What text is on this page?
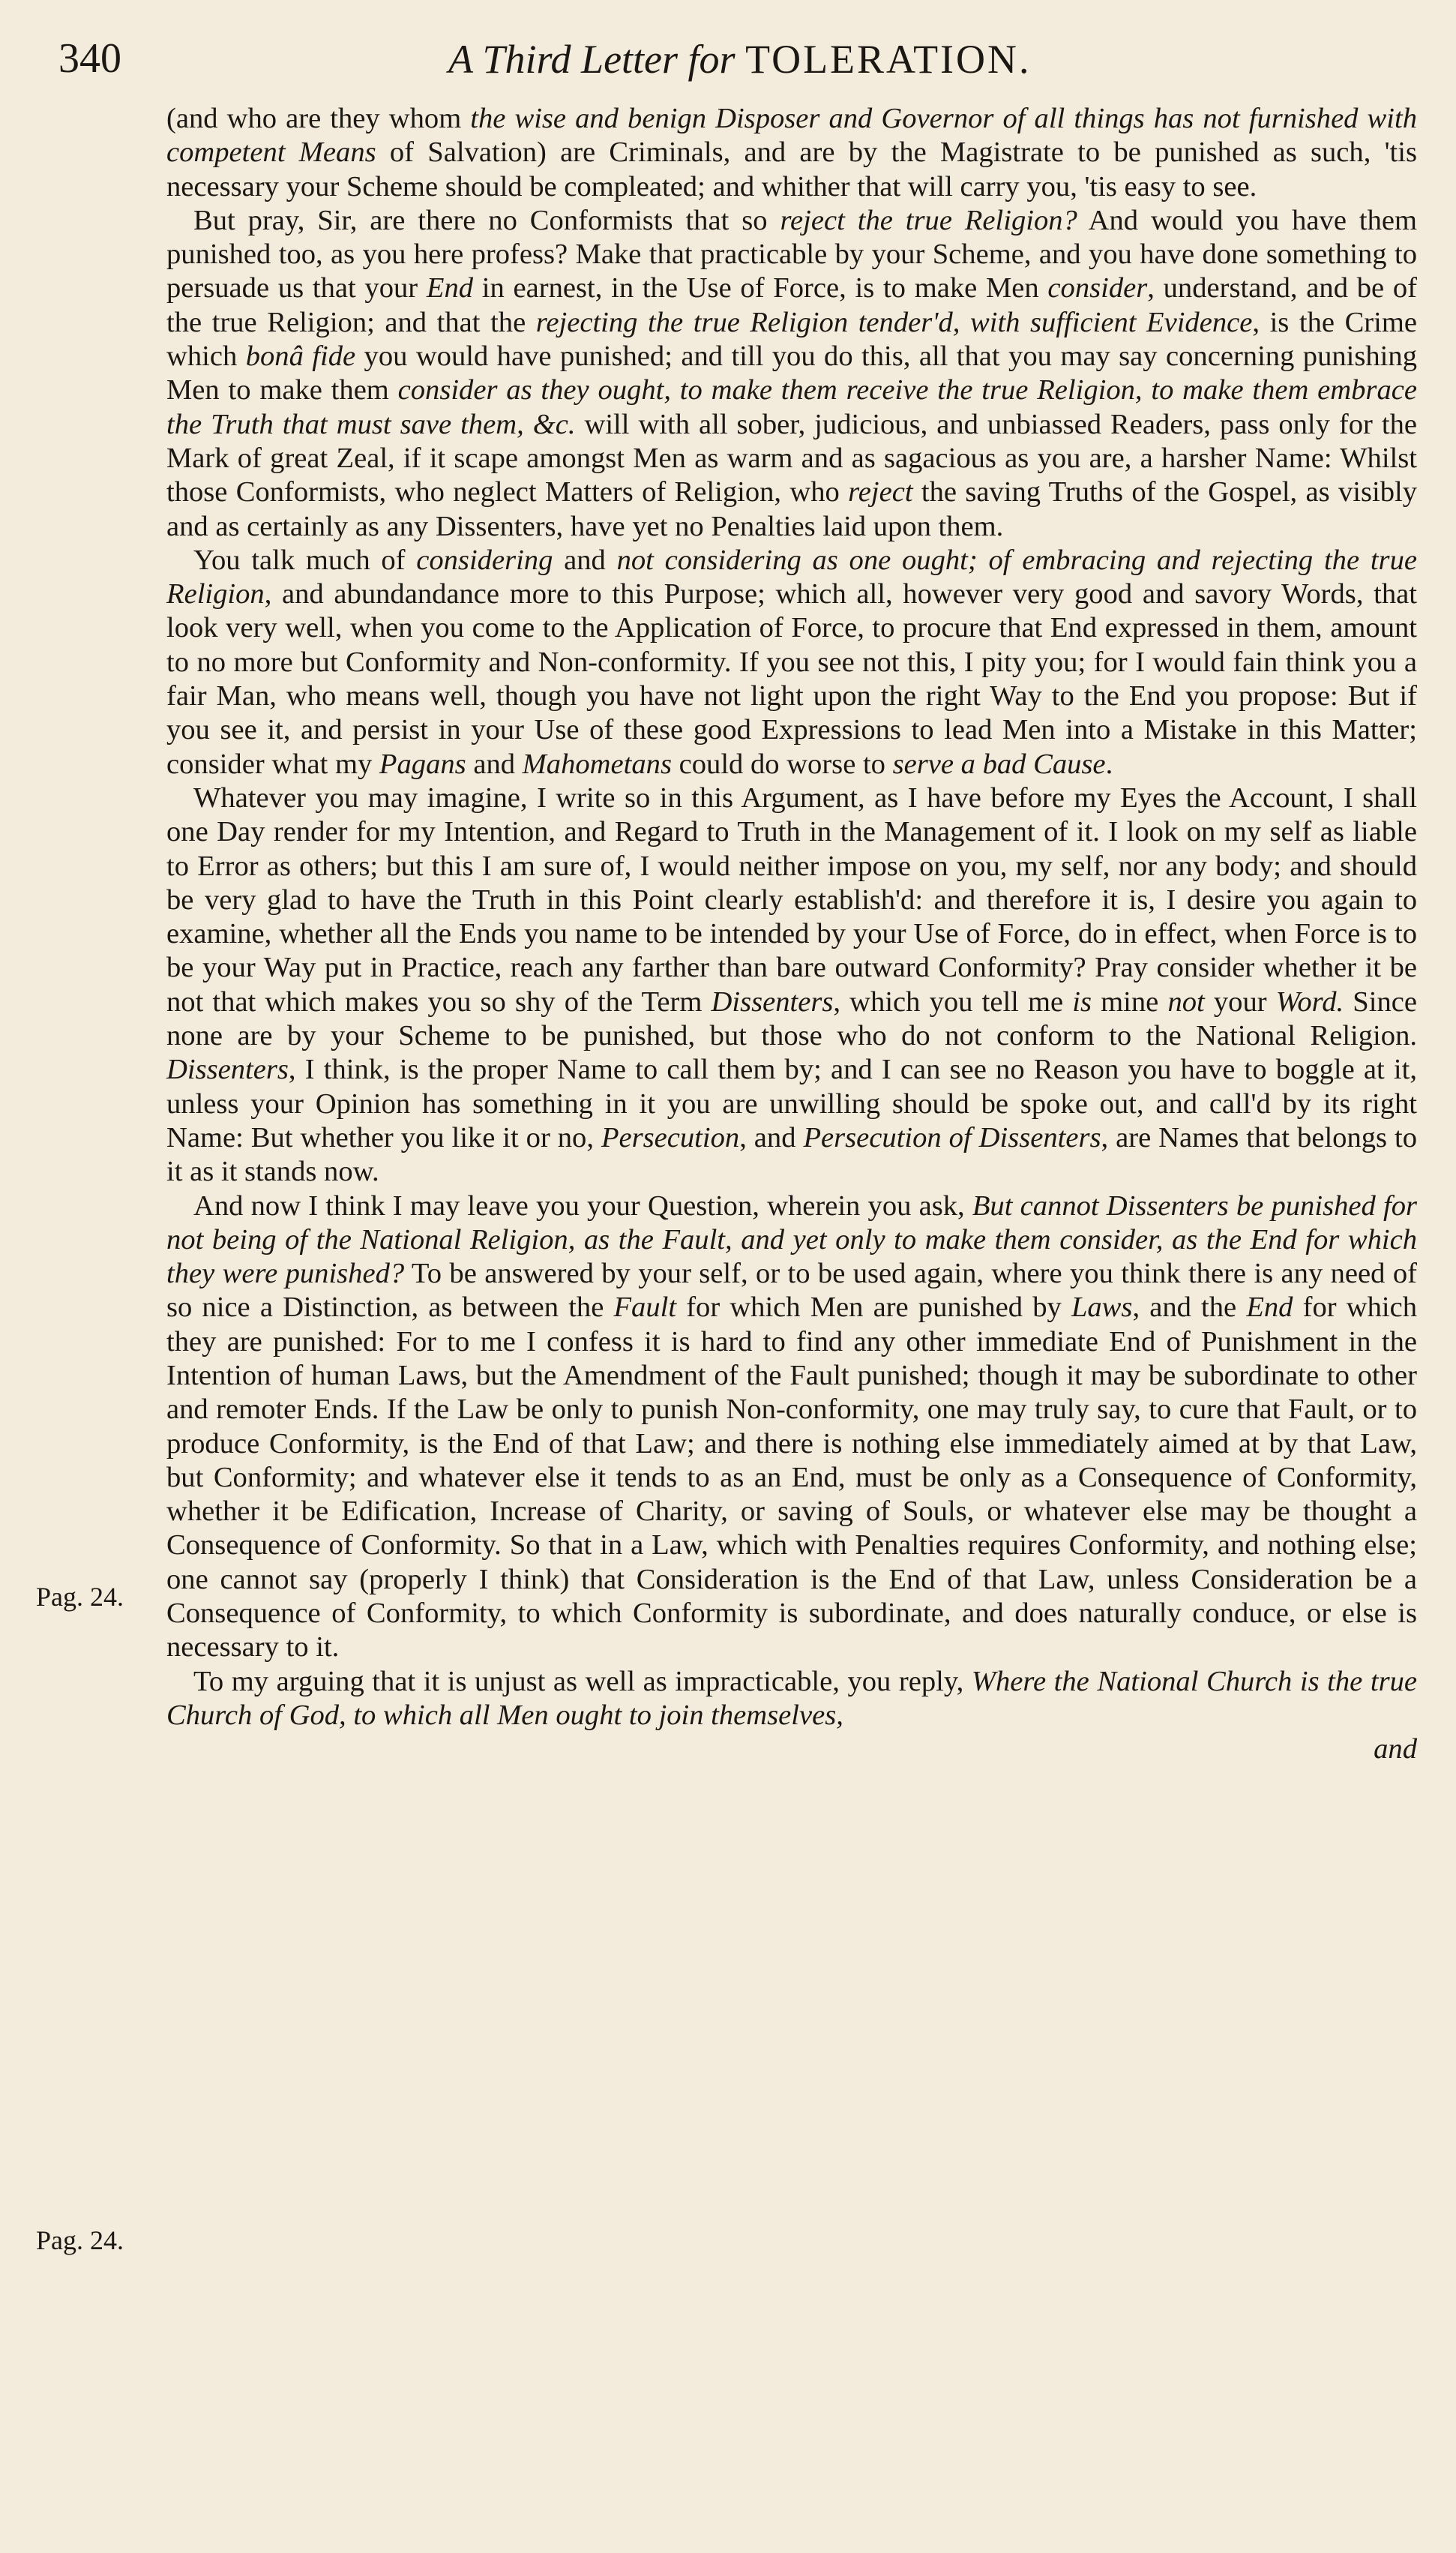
340	A Third Letter for TOLERATION.
Pag. 24.
Pag. 24.

(and who are they whom the wise and benign Disposer and Governor of all things has not furnished with competent Means of Salvation) are Criminals, and are by the Magistrate to be punished as such, 'tis necessary your Scheme should be compleated; and whither that will carry you, 'tis easy to see.

But pray, Sir, are there no Conformists that so reject the true Religion? And would you have them punished too, as you here profess? Make that practicable by your Scheme, and you have done something to persuade us that your End in earnest, in the Use of Force, is to make Men consider, understand, and be of the true Religion; and that the rejecting the true Religion tender'd, with sufficient Evidence, is the Crime which bonâ fide you would have punished; and till you do this, all that you may say concerning punishing Men to make them consider as they ought, to make them receive the true Religion, to make them embrace the Truth that must save them, &c. will with all sober, judicious, and unbiassed Readers, pass only for the Mark of great Zeal, if it scape amongst Men as warm and as sagacious as you are, a harsher Name: Whilst those Conformists, who neglect Matters of Religion, who reject the saving Truths of the Gospel, as visibly and as certainly as any Dissenters, have yet no Penalties laid upon them.

You talk much of considering and not considering as one ought; of embracing and rejecting the true Religion, and abundandance more to this Purpose; which all, however very good and savory Words, that look very well, when you come to the Application of Force, to procure that End expressed in them, amount to no more but Conformity and Non-conformity. If you see not this, I pity you; for I would fain think you a fair Man, who means well, though you have not light upon the right Way to the End you propose: But if you see it, and persist in your Use of these good Expressions to lead Men into a Mistake in this Matter; consider what my Pagans and Mahometans could do worse to serve a bad Cause.

Whatever you may imagine, I write so in this Argument, as I have before my Eyes the Account, I shall one Day render for my Intention, and Regard to Truth in the Management of it. I look on my self as liable to Error as others; but this I am sure of, I would neither impose on you, my self, nor any body; and should be very glad to have the Truth in this Point clearly establish'd: and therefore it is, I desire you again to examine, whether all the Ends you name to be intended by your Use of Force, do in effect, when Force is to be your Way put in Practice, reach any farther than bare outward Conformity? Pray consider whether it be not that which makes you so shy of the Term Dissenters, which you tell me is mine not your Word. Since none are by your Scheme to be punished, but those who do not conform to the National Religion. Dissenters, I think, is the proper Name to call them by; and I can see no Reason you have to boggle at it, unless your Opinion has something in it you are unwilling should be spoke out, and call'd by its right Name: But whether you like it or no, Persecution, and Persecution of Dissenters, are Names that belongs to it as it stands now.

And now I think I may leave you your Question, wherein you ask, But cannot Dissenters be punished for not being of the National Religion, as the Fault, and yet only to make them consider, as the End for which they were punished? To be answered by your self, or to be used again, where you think there is any need of so nice a Distinction, as between the Fault for which Men are punished by Laws, and the End for which they are punished: For to me I confess it is hard to find any other immediate End of Punishment in the Intention of human Laws, but the Amendment of the Fault punished; though it may be subordinate to other and remoter Ends. If the Law be only to punish Non-conformity, one may truly say, to cure that Fault, or to produce Conformity, is the End of that Law; and there is nothing else immediately aimed at by that Law, but Conformity; and whatever else it tends to as an End, must be only as a Consequence of Conformity, whether it be Edification, Increase of Charity, or saving of Souls, or whatever else may be thought a Consequence of Conformity. So that in a Law, which with Penalties requires Conformity, and nothing else; one cannot say (properly I think) that Consideration is the End of that Law, unless Consideration be a Consequence of Conformity, to which Conformity is subordinate, and does naturally conduce, or else is necessary to it.

To my arguing that it is unjust as well as impracticable, you reply, Where the National Church is the true Church of God, to which all Men ought to join themselves,

and
